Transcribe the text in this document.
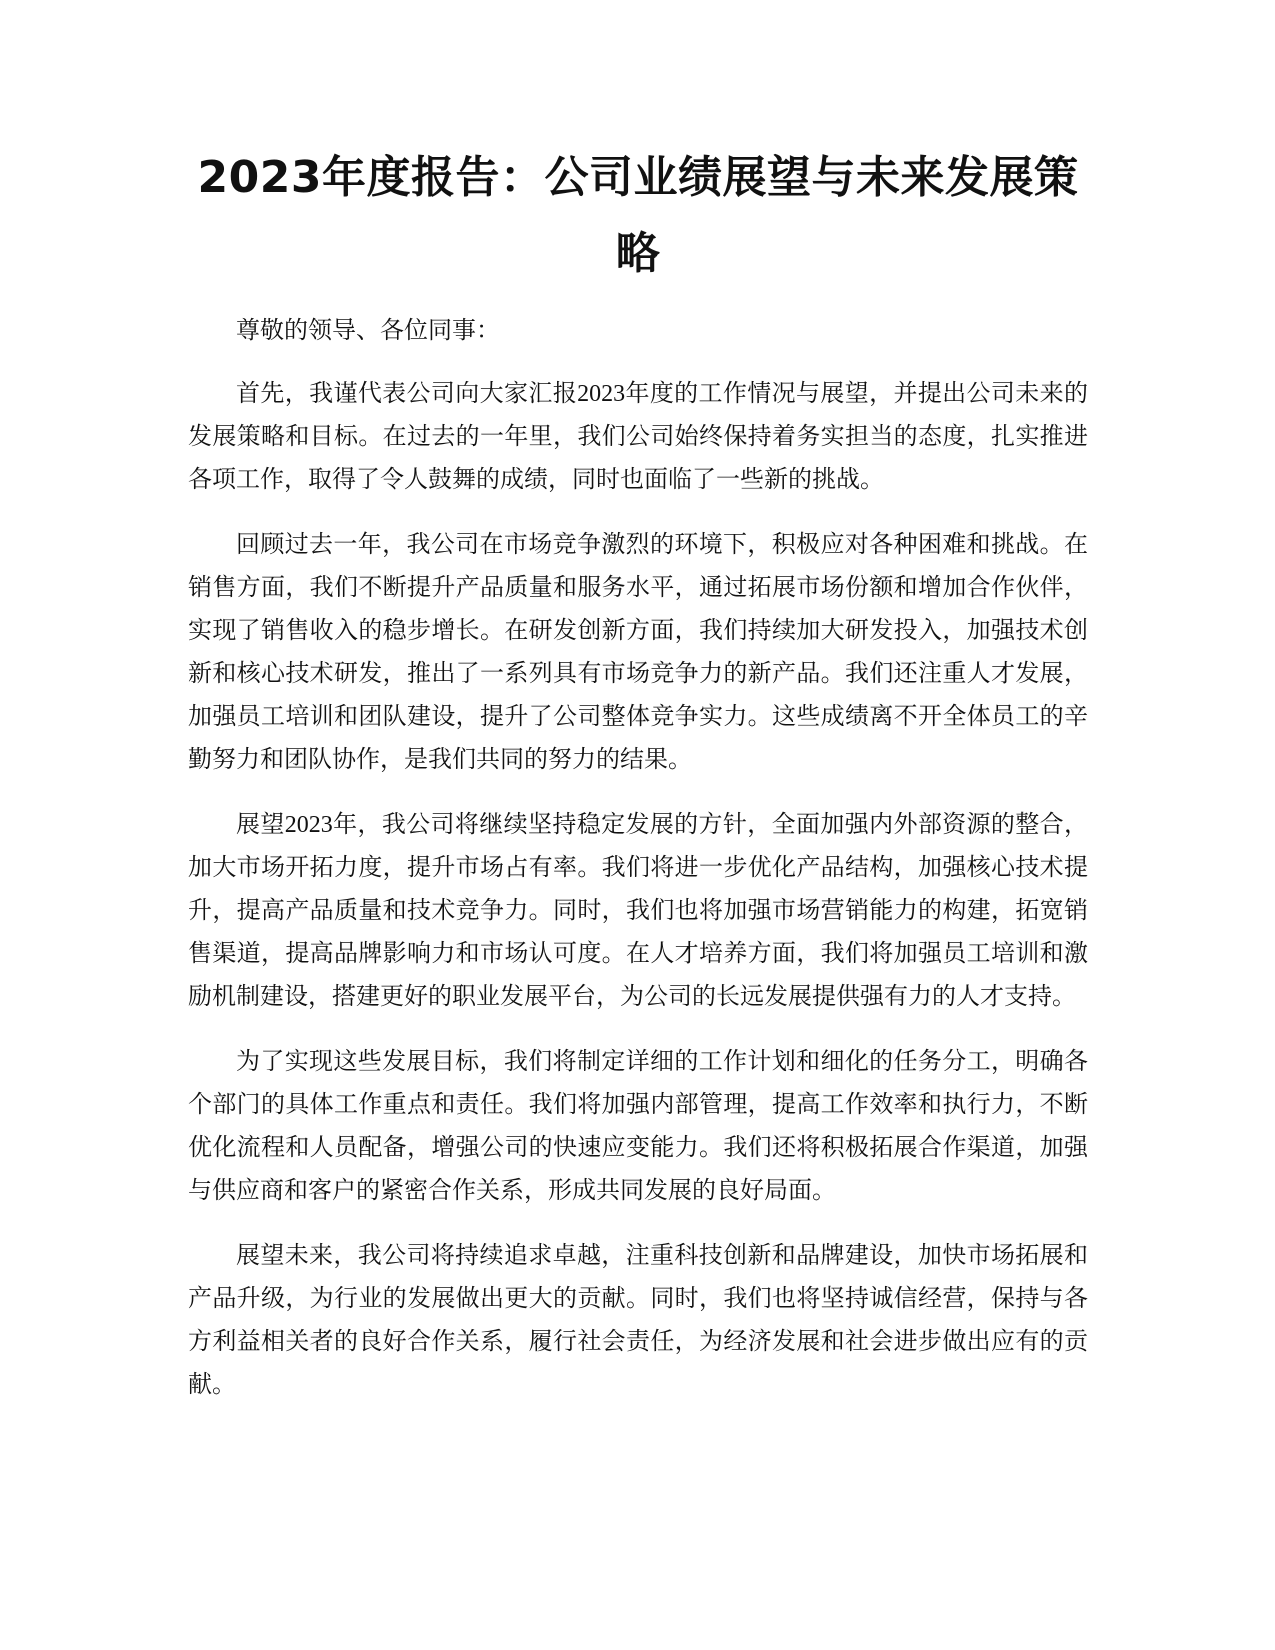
2023年度报告：公司业绩展望与未来发展策略

尊敬的领导、各位同事：

首先，我谨代表公司向大家汇报2023年度的工作情况与展望，并提出公司未来的发展策略和目标。在过去的一年里，我们公司始终保持着务实担当的态度，扎实推进各项工作，取得了令人鼓舞的成绩，同时也面临了一些新的挑战。

回顾过去一年，我公司在市场竞争激烈的环境下，积极应对各种困难和挑战。在销售方面，我们不断提升产品质量和服务水平，通过拓展市场份额和增加合作伙伴，实现了销售收入的稳步增长。在研发创新方面，我们持续加大研发投入，加强技术创新和核心技术研发，推出了一系列具有市场竞争力的新产品。我们还注重人才发展，加强员工培训和团队建设，提升了公司整体竞争实力。这些成绩离不开全体员工的辛勤努力和团队协作，是我们共同的努力的结果。

展望2023年，我公司将继续坚持稳定发展的方针，全面加强内外部资源的整合，加大市场开拓力度，提升市场占有率。我们将进一步优化产品结构，加强核心技术提升，提高产品质量和技术竞争力。同时，我们也将加强市场营销能力的构建，拓宽销售渠道，提高品牌影响力和市场认可度。在人才培养方面，我们将加强员工培训和激励机制建设，搭建更好的职业发展平台，为公司的长远发展提供强有力的人才支持。

为了实现这些发展目标，我们将制定详细的工作计划和细化的任务分工，明确各个部门的具体工作重点和责任。我们将加强内部管理，提高工作效率和执行力，不断优化流程和人员配备，增强公司的快速应变能力。我们还将积极拓展合作渠道，加强与供应商和客户的紧密合作关系，形成共同发展的良好局面。

展望未来，我公司将持续追求卓越，注重科技创新和品牌建设，加快市场拓展和产品升级，为行业的发展做出更大的贡献。同时，我们也将坚持诚信经营，保持与各方利益相关者的良好合作关系，履行社会责任，为经济发展和社会进步做出应有的贡献。
